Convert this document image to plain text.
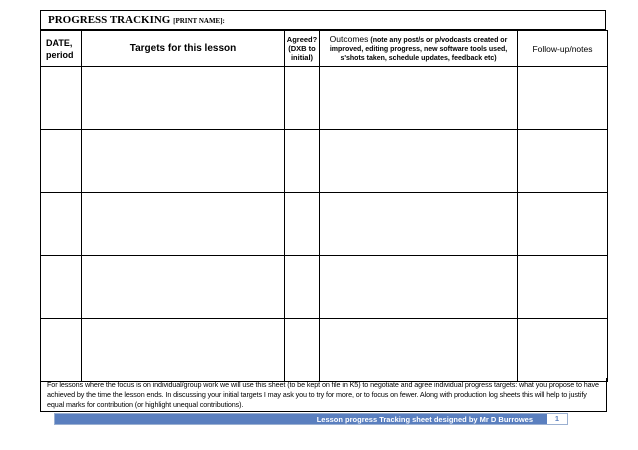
PROGRESS TRACKING [PRINT NAME]:
DATE, period	Targets for this lesson	Agreed? (DXB to initial)	Outcomes (note any post/s or p/vodcasts created or improved, editing progress, new software tools used, s'shots taken, schedule updates, feedback etc)	Follow-up/notes

For lessons where the focus is on individual/group work we will use this sheet (to be kept on file in K5) to negotiate and agree individual progress targets: what you propose to have achieved by the time the lesson ends. In discussing your initial targets I may ask you to try for more, or to focus on fewer. Along with production log sheets this will help to justify equal marks for contribution (or highlight unequal contributions).
Lesson progress Tracking sheet designed by Mr D Burrowes	1
